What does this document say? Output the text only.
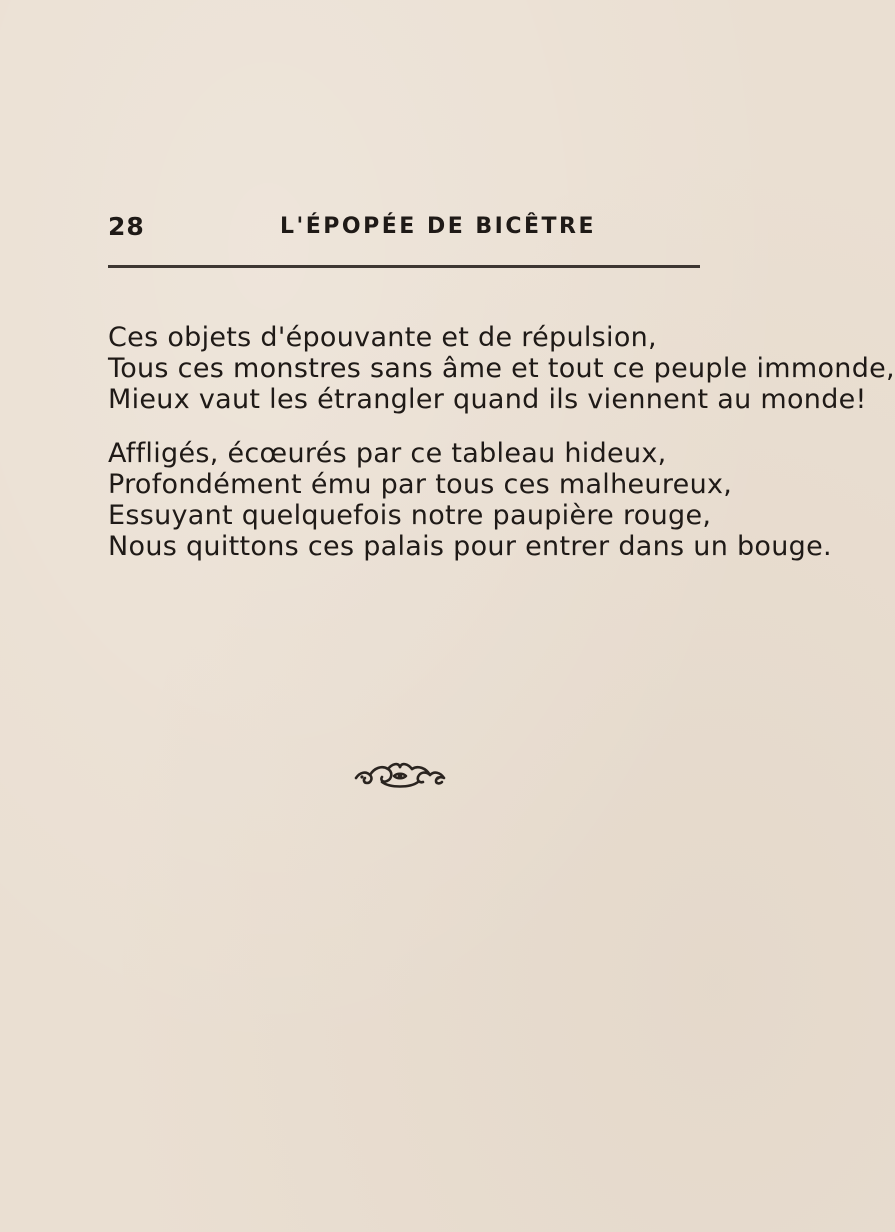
28	L'ÉPOPÉE DE BICÊTRE
Ces objets d'épouvante et de répulsion,
Tous ces monstres sans âme et tout ce peuple immonde,
Mieux vaut les étrangler quand ils viennent au monde!
Affligés, écœurés par ce tableau hideux,
Profondément ému par tous ces malheureux,
Essuyant quelquefois notre paupière rouge,
Nous quittons ces palais pour entrer dans un bouge.
